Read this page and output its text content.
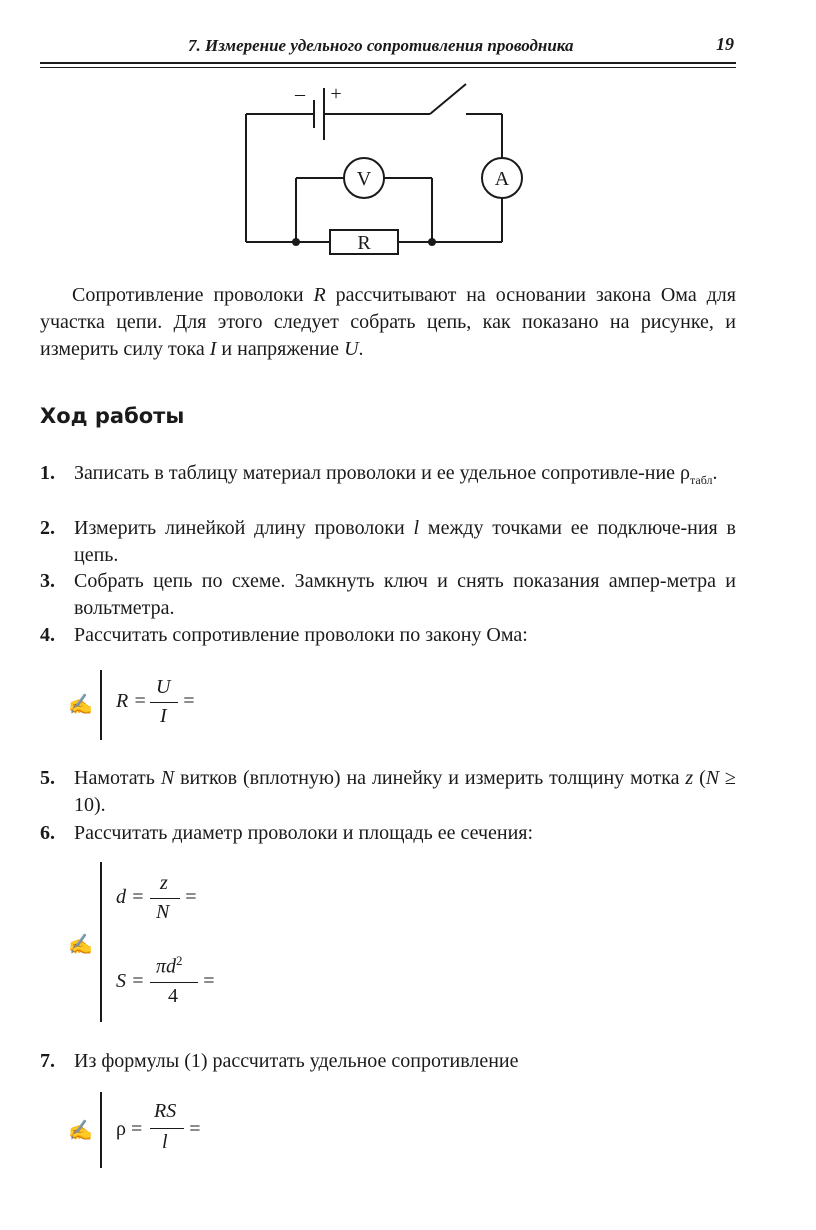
7. Измерение удельного сопротивления проводника	19
– +
V	A
R
Сопротивление проволоки R рассчитывают на основании закона Ома для участка цепи. Для этого следует собрать цепь, как показано на рисунке, и измерить силу тока I и напряжение U.
Ход работы
1. Записать в таблицу материал проволоки и ее удельное сопротивле-ние $\rho_{табл}$.
2. Измерить линейкой длину проволоки l между точками ее подключе-ния в цепь.
3. Собрать цепь по схеме. Замкнуть ключ и снять показания ампер-метра и вольтметра.
4. Рассчитать сопротивление проволоки по закону Ома:
✍ R =
U
I
=
5. Намотать N витков (вплотную) на линейку и измерить толщину мотка z (N ≥ 10).
6. Рассчитать диаметр проволоки и площадь ее сечения:
✍
d =
z
N
=
S =
$\pi d^2$
4
=
7. Из формулы (1) рассчитать удельное сопротивление
✍ ρ =
RS
l
=
